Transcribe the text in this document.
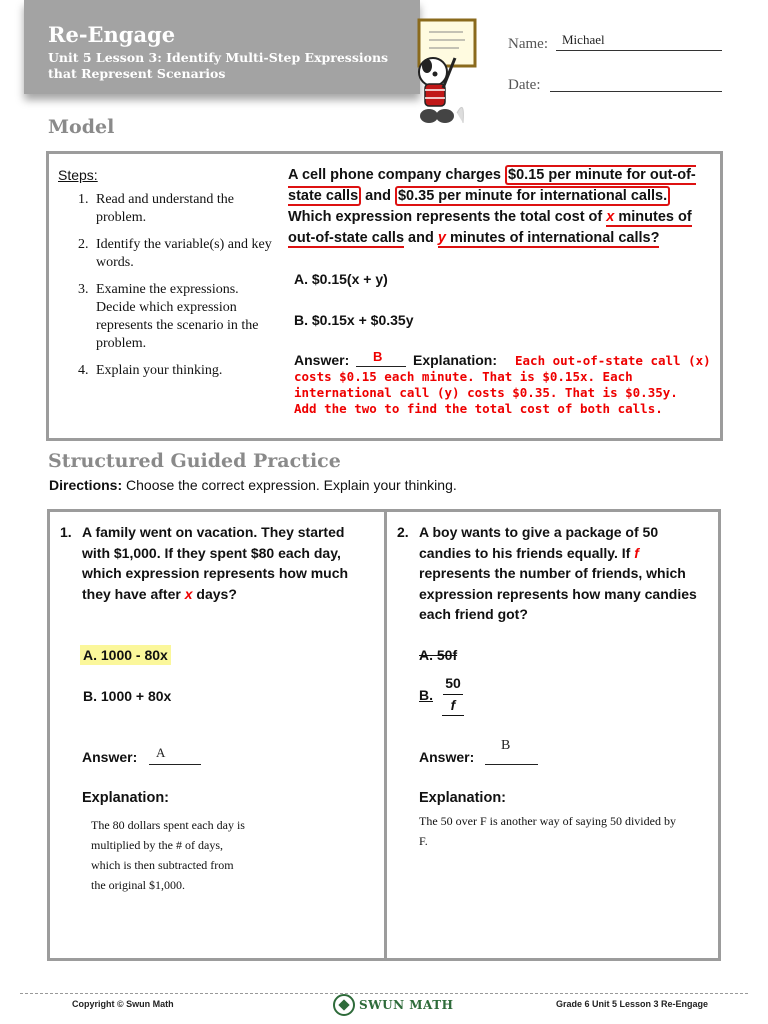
Re-Engage
Unit 5 Lesson 3: Identify Multi-Step Expressions that Represent Scenarios
Name: Michael
Date:
Model
Steps:
1. Read and understand the problem.
2. Identify the variable(s) and key words.
3. Examine the expressions. Decide which expression represents the scenario in the problem.
4. Explain your thinking.
A cell phone company charges $0.15 per minute for out-of-state calls and $0.35 per minute for international calls. Which expression represents the total cost of x minutes of out-of-state calls and y minutes of international calls?
A. $0.15(x + y)
B. $0.15x + $0.35y
Answer: B Explanation: Each out-of-state call (x)
costs $0.15 each minute. That is $0.15x. Each
international call (y) costs $0.35. That is $0.35y.
Add the two to find the total cost of both calls.
Structured Guided Practice
Directions: Choose the correct expression. Explain your thinking.
1. A family went on vacation. They started with $1,000. If they spent $80 each day, which expression represents how much they have after x days?
A. 1000 - 80x
B. 1000 + 80x
Answer: A
Explanation:
The 80 dollars spent each day is
multiplied by the # of days,
which is then subtracted from
the original $1,000.
2. A boy wants to give a package of 50 candies to his friends equally. If f represents the number of friends, which expression represents how many candies each friend got?
A. 50f
B.
50
f
Answer:
B
Explanation:
The 50 over F is another way of saying 50 divided by
F.
Copyright © Swun Math	SWUN MATH	Grade 6 Unit 5 Lesson 3 Re-Engage
